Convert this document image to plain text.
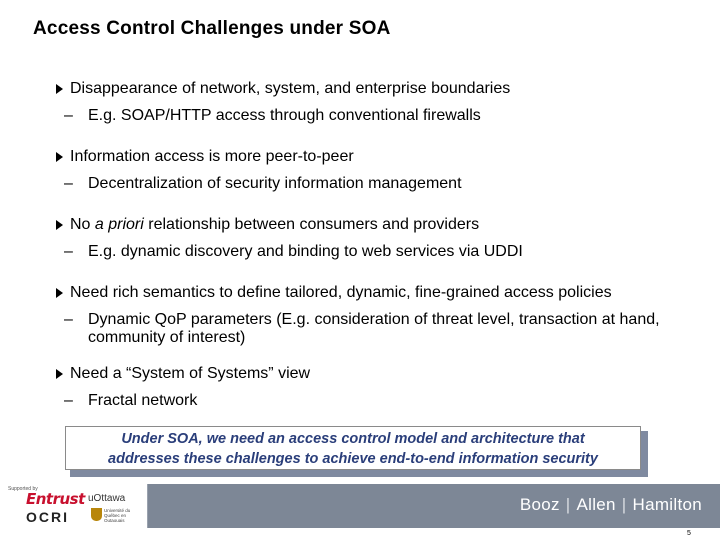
Access Control Challenges under SOA
Disappearance of network, system, and enterprise boundaries
– E.g. SOAP/HTTP access through conventional firewalls
Information access is more peer-to-peer
– Decentralization of security information management
No a priori relationship between consumers and providers
– E.g. dynamic discovery and binding to web services via UDDI
Need rich semantics to define tailored, dynamic, fine-grained access policies
– Dynamic QoP parameters (E.g. consideration of threat level, transaction at hand, community of interest)
Need a “System of Systems” view
– Fractal network
Under SOA, we need an access control model and architecture that
addresses these challenges to achieve end-to-end information security
Supported by
Entrust
OCRI
uOttawa
Université du Québec en Outaouais
Booz | Allen | Hamilton
5
